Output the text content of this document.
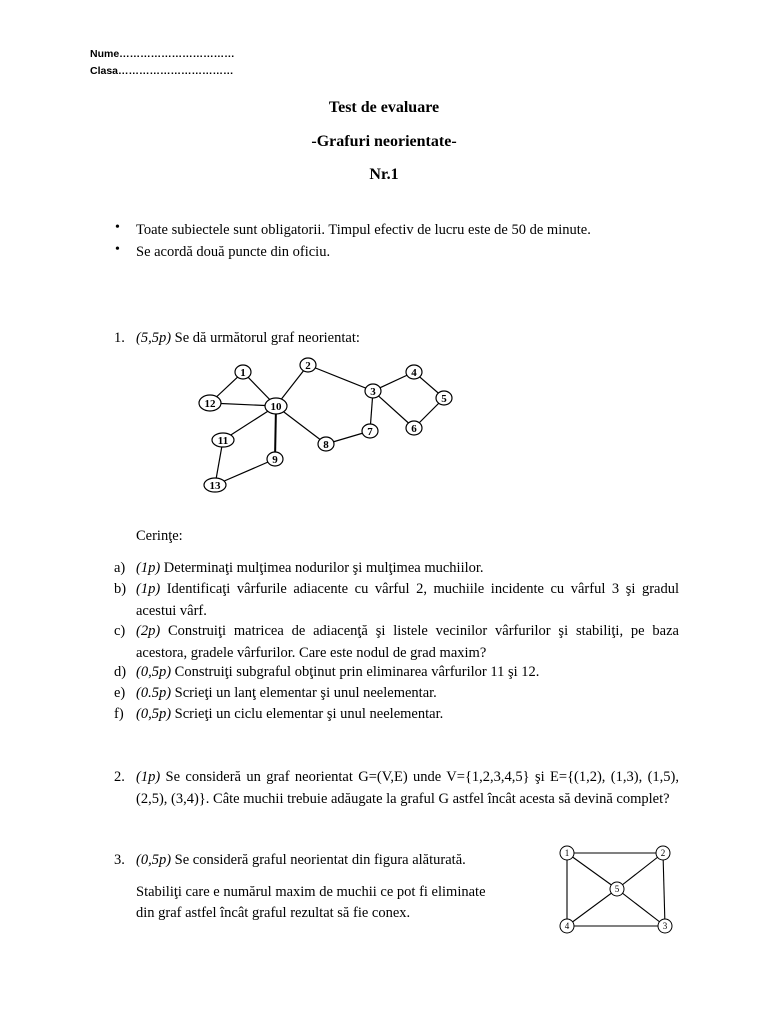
Nume……………………………
Clasa……………………………
Test de evaluare
-Grafuri neorientate-
Nr.1
• Toate subiectele sunt obligatorii. Timpul efectiv de lucru este de 50 de minute.
• Se acordă două puncte din oficiu.
1. (5,5p) Se dă următorul graf neorientat:
1
2
3
4
5
6
7
8
9
10
11
12
13
Cerinţe:
a) (1p) Determinaţi mulţimea nodurilor şi mulţimea muchiilor.
b) (1p) Identificaţi vârfurile adiacente cu vârful 2, muchiile incidente cu vârful 3 şi gradul acestui vârf.
c) (2p) Construiţi matricea de adiacenţă şi listele vecinilor vârfurilor şi stabiliţi, pe baza acestora, gradele vârfurilor. Care este nodul de grad maxim?
d) (0,5p) Construiţi subgraful obţinut prin eliminarea vârfurilor 11 şi 12.
e) (0.5p) Scrieţi un lanţ elementar şi unul neelementar.
f) (0,5p) Scrieţi un ciclu elementar şi unul neelementar.
2. (1p) Se consideră un graf neorientat G=(V,E) unde V={1,2,3,4,5} şi E={(1,2), (1,3), (1,5), (2,5), (3,4)}. Câte muchii trebuie adăugate la graful G astfel încât acesta să devină complet?
3. (0,5p) Se consideră graful neorientat din figura alăturată.
Stabiliţi care e numărul maxim de muchii ce pot fi eliminate
din graf astfel încât graful rezultat să fie conex.
1	2
3
4
5
